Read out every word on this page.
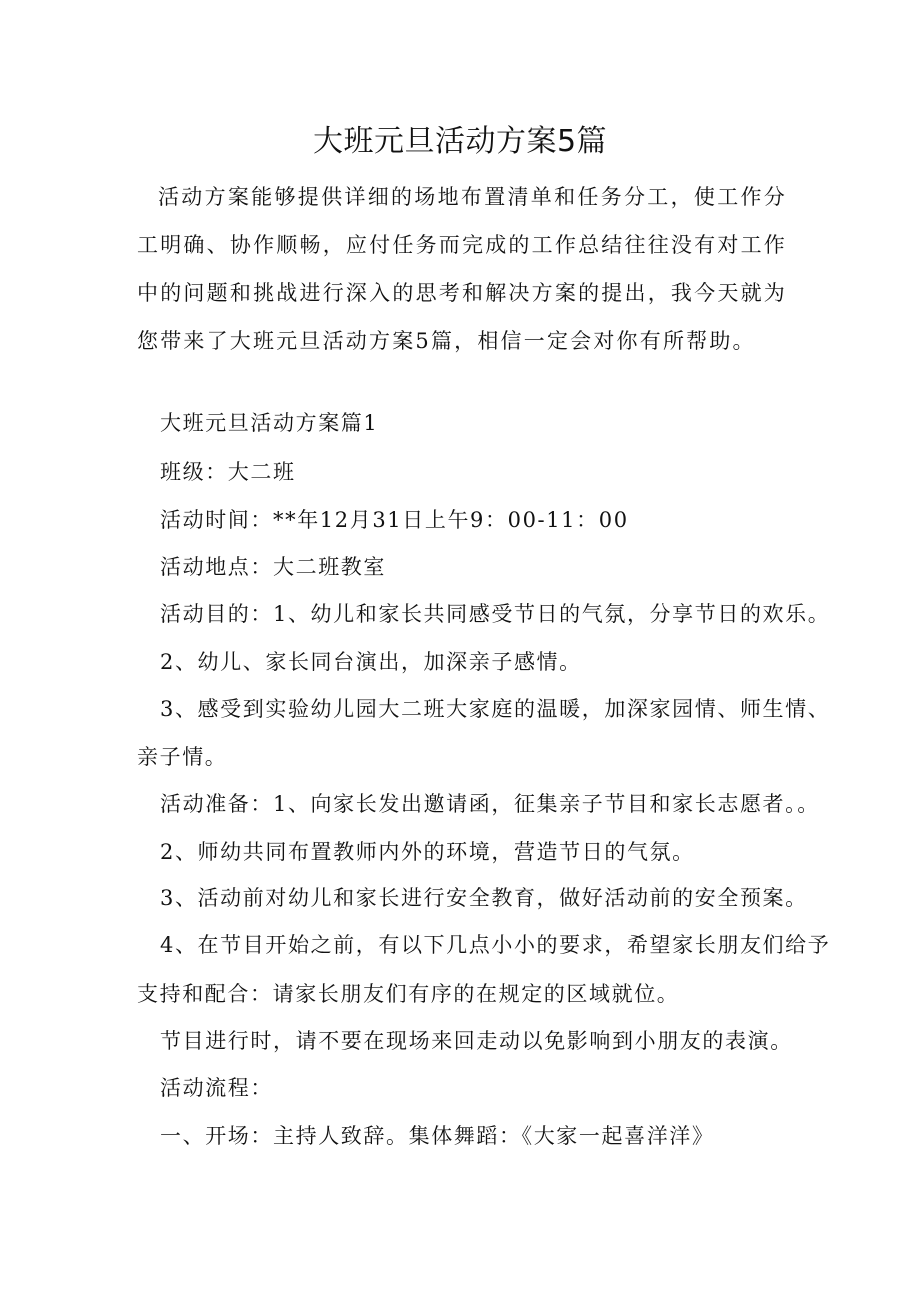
大班元旦活动方案5篇

活动方案能够提供详细的场地布置清单和任务分工，使工作分工明确、协作顺畅，应付任务而完成的工作总结往往没有对工作中的问题和挑战进行深入的思考和解决方案的提出，我今天就为您带来了大班元旦活动方案5篇，相信一定会对你有所帮助。

大班元旦活动方案篇1

班级：大二班

活动时间：**年12月31日上午9：00-11：00

活动地点：大二班教室

活动目的：1、幼儿和家长共同感受节日的气氛，分享节日的欢乐。

2、幼儿、家长同台演出，加深亲子感情。

3、感受到实验幼儿园大二班大家庭的温暖，加深家园情、师生情、

亲子情。

活动准备：1、向家长发出邀请函，征集亲子节目和家长志愿者。。

2、师幼共同布置教师内外的环境，营造节日的气氛。

3、活动前对幼儿和家长进行安全教育，做好活动前的安全预案。

4、在节目开始之前，有以下几点小小的要求，希望家长朋友们给予

支持和配合：请家长朋友们有序的在规定的区域就位。

节目进行时，请不要在现场来回走动以免影响到小朋友的表演。

活动流程：

一、开场：主持人致辞。集体舞蹈：《大家一起喜洋洋》
